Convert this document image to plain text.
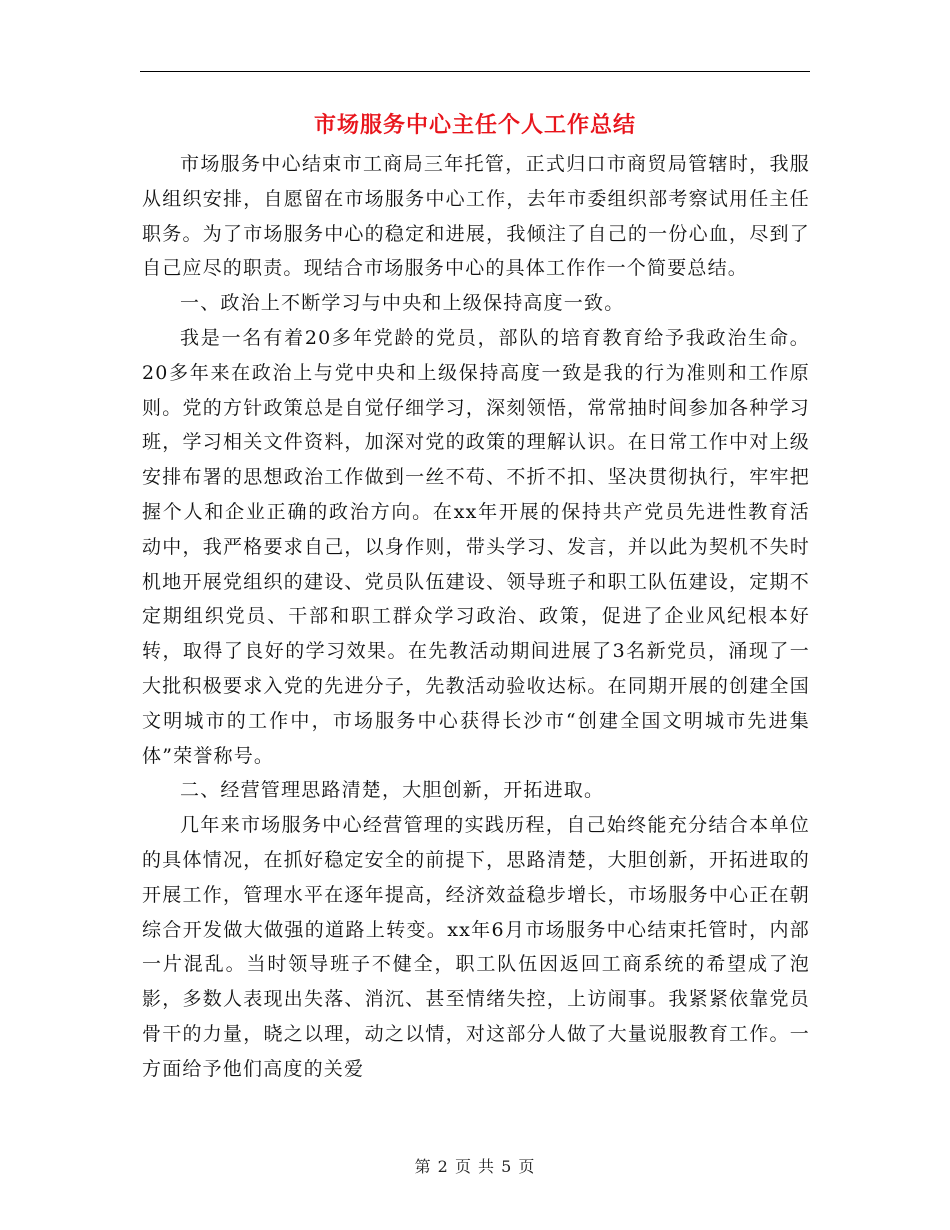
市场服务中心主任个人工作总结

市场服务中心结束市工商局三年托管，正式归口市商贸局管辖时，我服从组织安排，自愿留在市场服务中心工作，去年市委组织部考察试用任主任职务。为了市场服务中心的稳定和进展，我倾注了自己的一份心血，尽到了自己应尽的职责。现结合市场服务中心的具体工作作一个简要总结。

一、政治上不断学习与中央和上级保持高度一致。

我是一名有着20多年党龄的党员，部队的培育教育给予我政治生命。20多年来在政治上与党中央和上级保持高度一致是我的行为准则和工作原则。党的方针政策总是自觉仔细学习，深刻领悟，常常抽时间参加各种学习班，学习相关文件资料，加深对党的政策的理解认识。在日常工作中对上级安排布署的思想政治工作做到一丝不苟、不折不扣、坚决贯彻执行，牢牢把握个人和企业正确的政治方向。在xx年开展的保持共产党员先进性教育活动中，我严格要求自己，以身作则，带头学习、发言，并以此为契机不失时机地开展党组织的建设、党员队伍建设、领导班子和职工队伍建设，定期不定期组织党员、干部和职工群众学习政治、政策，促进了企业风纪根本好转，取得了良好的学习效果。在先教活动期间进展了3名新党员，涌现了一大批积极要求入党的先进分子，先教活动验收达标。在同期开展的创建全国文明城市的工作中，市场服务中心获得长沙市“创建全国文明城市先进集体”荣誉称号。

二、经营管理思路清楚，大胆创新，开拓进取。

几年来市场服务中心经营管理的实践历程，自己始终能充分结合本单位的具体情况，在抓好稳定安全的前提下，思路清楚，大胆创新，开拓进取的开展工作，管理水平在逐年提高，经济效益稳步增长，市场服务中心正在朝综合开发做大做强的道路上转变。xx年6月市场服务中心结束托管时，内部一片混乱。当时领导班子不健全，职工队伍因返回工商系统的希望成了泡影，多数人表现出失落、消沉、甚至情绪失控，上访闹事。我紧紧依靠党员骨干的力量，晓之以理，动之以情，对这部分人做了大量说服教育工作。一方面给予他们高度的关爱

第 2 页 共 5 页
